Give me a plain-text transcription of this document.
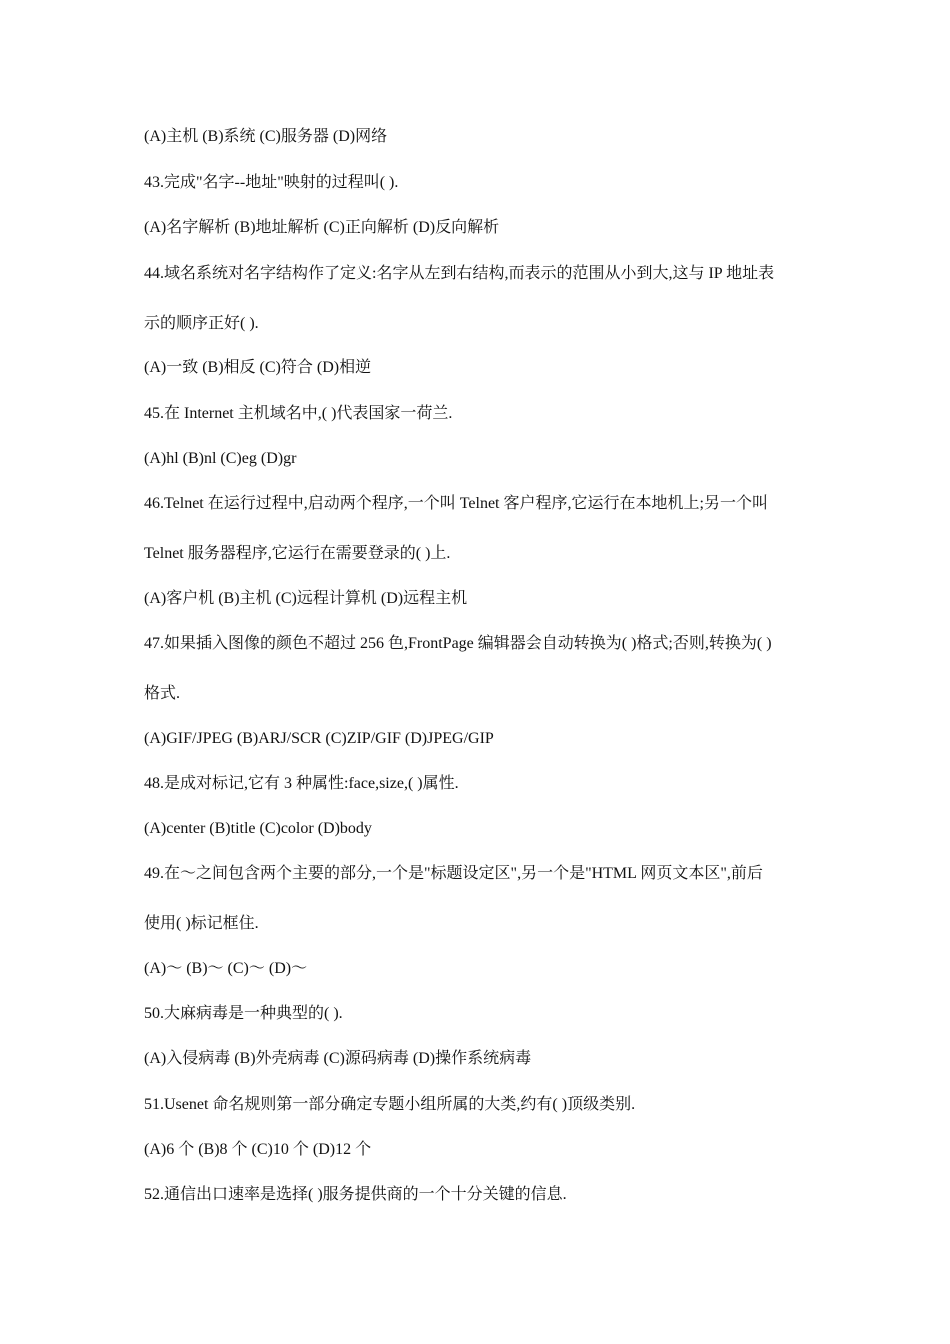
(A)主机 (B)系统 (C)服务器 (D)网络
43.完成"名字--地址"映射的过程叫( ).
(A)名字解析 (B)地址解析 (C)正向解析 (D)反向解析
44.域名系统对名字结构作了定义:名字从左到右结构,而表示的范围从小到大,这与 IP 地址表
示的顺序正好( ).
(A)一致 (B)相反 (C)符合 (D)相逆
45.在 Internet 主机域名中,( )代表国家一荷兰.
(A)hl (B)nl (C)eg (D)gr
46.Telnet 在运行过程中,启动两个程序,一个叫 Telnet 客户程序,它运行在本地机上;另一个叫
Telnet 服务器程序,它运行在需要登录的( )上.
(A)客户机 (B)主机 (C)远程计算机 (D)远程主机
47.如果插入图像的颜色不超过 256 色,FrontPage 编辑器会自动转换为( )格式;否则,转换为( )
格式.
(A)GIF/JPEG (B)ARJ/SCR (C)ZIP/GIF (D)JPEG/GIP
48.是成对标记,它有 3 种属性:face,size,( )属性.
(A)center (B)title (C)color (D)body
49.在～之间包含两个主要的部分,一个是"标题设定区",另一个是"HTML 网页文本区",前后
使用( )标记框住.
(A)～ (B)～ (C)～ (D)～
50.大麻病毒是一种典型的( ).
(A)入侵病毒 (B)外壳病毒 (C)源码病毒 (D)操作系统病毒
51.Usenet 命名规则第一部分确定专题小组所属的大类,约有( )顶级类别.
(A)6 个 (B)8 个 (C)10 个 (D)12 个
52.通信出口速率是选择( )服务提供商的一个十分关键的信息.
